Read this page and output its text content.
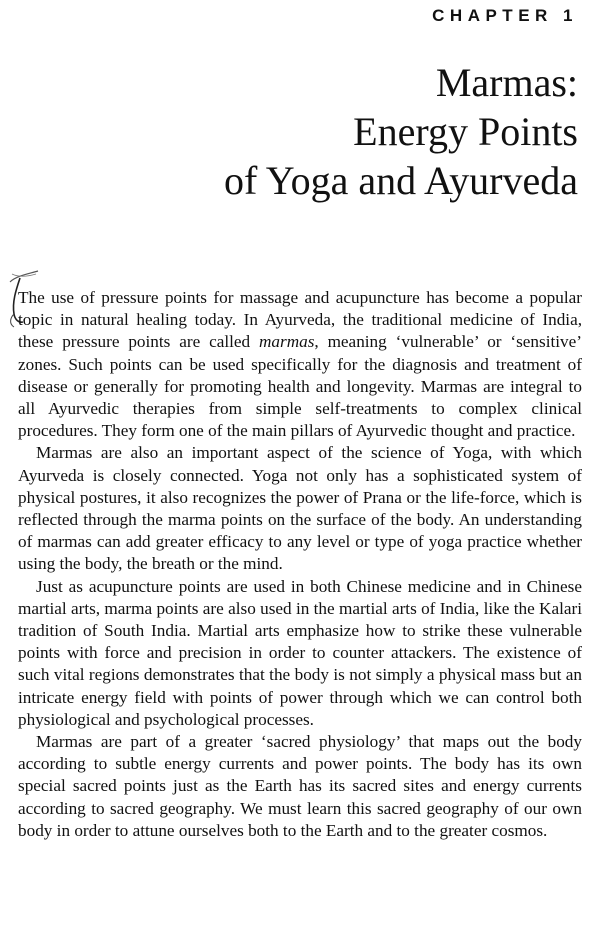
CHAPTER 1
Marmas:
Energy Points
of Yoga and Ayurveda

The use of pressure points for massage and acupuncture has become a popular topic in natural healing today. In Ayurveda, the traditional medicine of India, these pressure points are called marmas, meaning ‘vulnerable’ or ‘sensitive’ zones. Such points can be used specifically for the diagnosis and treatment of disease or generally for promoting health and longevity. Marmas are integral to all Ayurvedic therapies from simple self-treatments to complex clinical procedures. They form one of the main pillars of Ayurvedic thought and practice.

Marmas are also an important aspect of the science of Yoga, with which Ayurveda is closely connected. Yoga not only has a sophisticated system of physical postures, it also recognizes the power of Prana or the life-force, which is reflected through the marma points on the surface of the body. An understanding of marmas can add greater efficacy to any level or type of yoga practice whether using the body, the breath or the mind.

Just as acupuncture points are used in both Chinese medicine and in Chinese martial arts, marma points are also used in the martial arts of India, like the Kalari tradition of South India. Martial arts emphasize how to strike these vulnerable points with force and precision in order to counter attackers. The existence of such vital regions demonstrates that the body is not simply a physical mass but an intricate energy field with points of power through which we can control both physiological and psychological processes.

Marmas are part of a greater ‘sacred physiology’ that maps out the body according to subtle energy currents and power points. The body has its own special sacred points just as the Earth has its sacred sites and energy currents according to sacred geography. We must learn this sacred geography of our own body in order to attune ourselves both to the Earth and to the greater cosmos.
